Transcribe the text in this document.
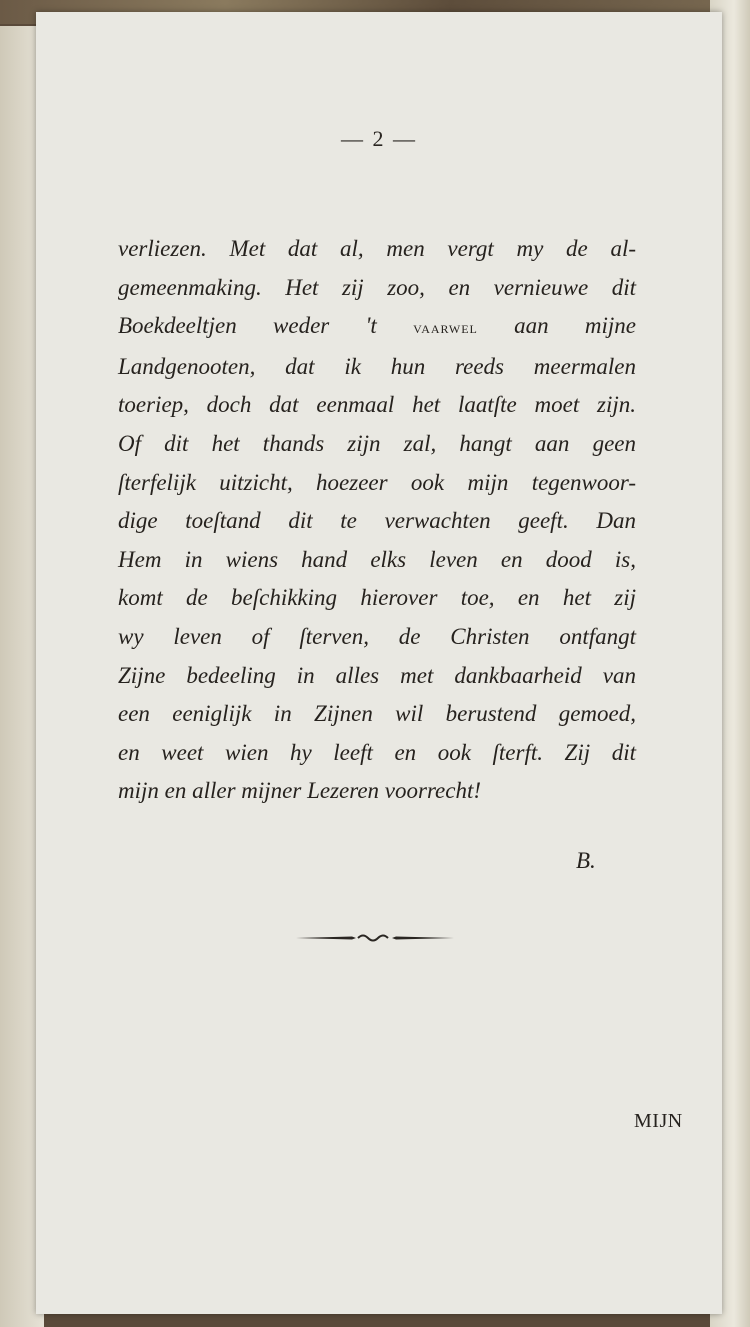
— 2 —
verliezen. Met dat al, men vergt my de al-
gemeenmaking. Het zij zoo, en vernieuwe dit
Boekdeeltjen weder 't vaarwel aan mijne
Landgenooten, dat ik hun reeds meermalen
toeriep, doch dat eenmaal het laatſte moet zijn.
Of dit het thands zijn zal, hangt aan geen
ſterfelijk uitzicht, hoezeer ook mijn tegenwoor-
dige toeſtand dit te verwachten geeft. Dan
Hem in wiens hand elks leven en dood is,
komt de beſchikking hierover toe, en het zij
wy leven of ſterven, de Christen ontfangt
Zijne bedeeling in alles met dankbaarheid van
een eeniglijk in Zijnen wil berustend gemoed,
en weet wien hy leeft en ook ſterft. Zij dit
mijn en aller mijner Lezeren voorrecht!
B.
MIJN
